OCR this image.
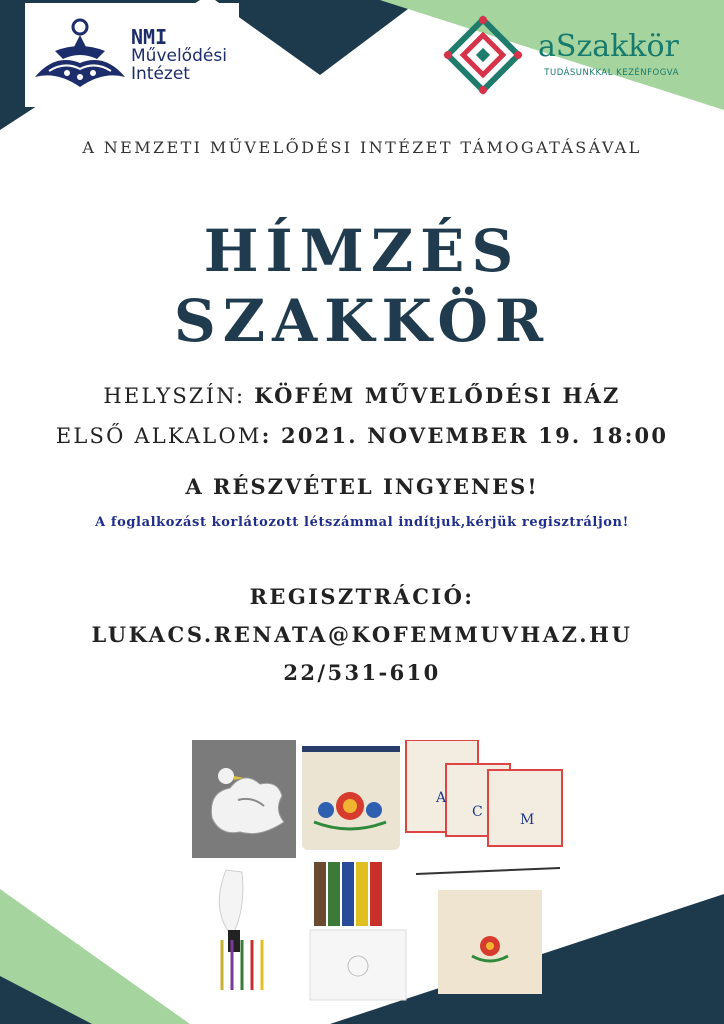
NMI
Művelődési
Intézet
aSzakkör
TUDÁSUNKKAL KEZÉNFOGVA
A NEMZETI MŰVELŐDÉSI INTÉZET TÁMOGATÁSÁVAL
HÍMZÉS
SZAKKÖR
HELYSZÍN: KÖFÉM MŰVELŐDÉSI HÁZ
ELSŐ ALKALOM: 2021. NOVEMBER 19. 18:00
A RÉSZVÉTEL INGYENES!
A foglalkozást korlátozott létszámmal indítjuk,kérjük regisztráljon!
REGISZTRÁCIÓ:
LUKACS.RENATA@KOFEMMUVHAZ.HU
22/531-610
A
C	M
